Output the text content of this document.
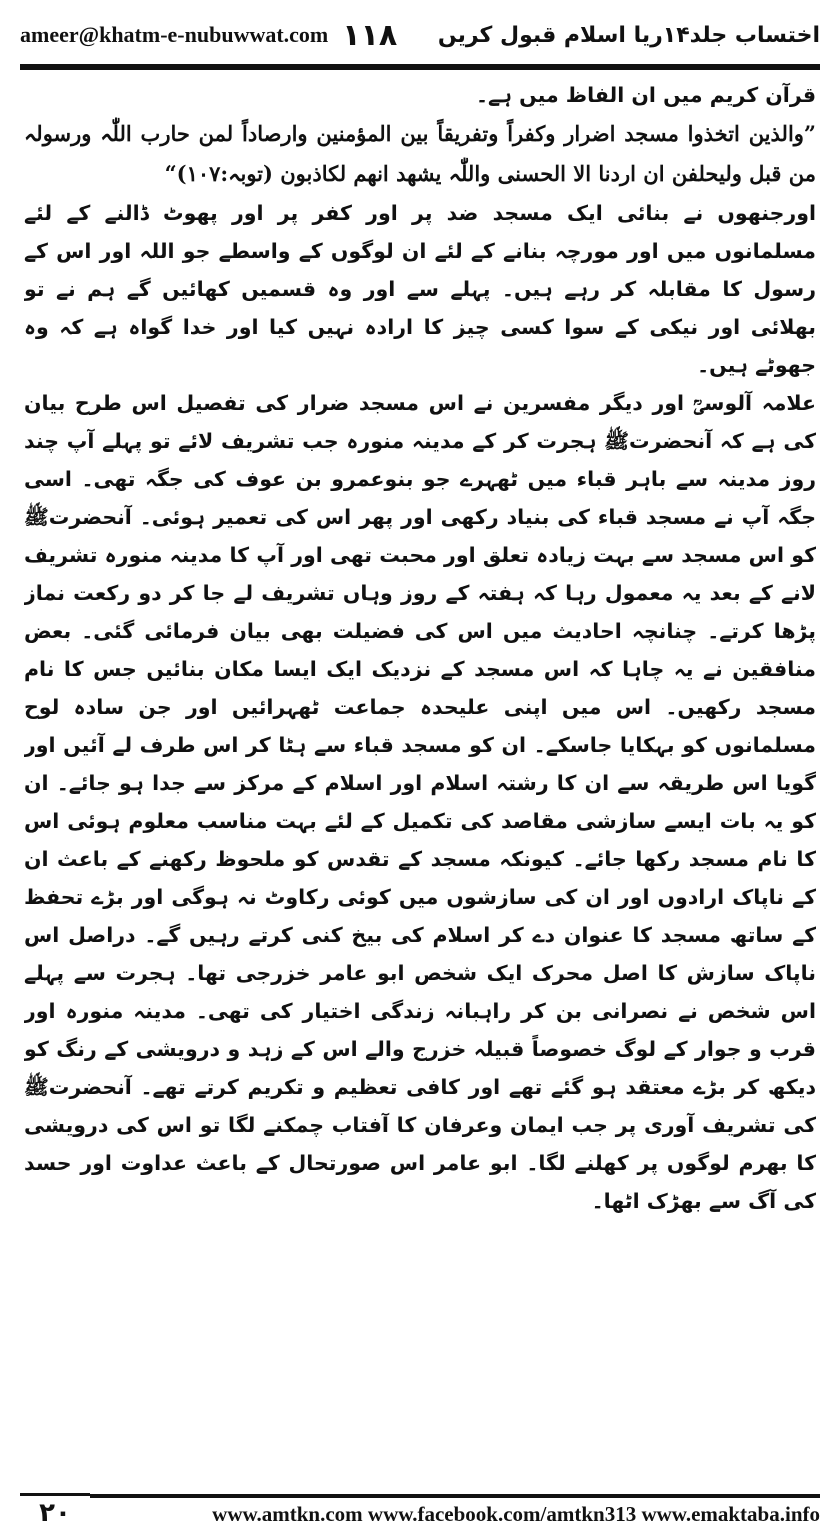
ameer@khatm-e-nubuwwat.com ۱۱۸ اختساب جلد۱۴ریا اسلام قبول کریں

قرآن کریم میں ان الفاظ میں ہے۔

”والذین اتخذوا مسجد اضرار وکفراً وتفریقاً بین المؤمنین وارصاداً لمن حارب اللّٰہ ورسولہ من قبل ولیحلفن ان اردنا الا الحسنی واللّٰہ یشھد انھم لکاذبون (توبہ:۱۰۷)“

اورجنھوں نے بنائی ایک مسجد ضد پر اور کفر پر اور پھوٹ ڈالنے کے لئے مسلمانوں میں اور مورچہ بنانے کے لئے ان لوگوں کے واسطے جو اللہ اور اس کے رسول کا مقابلہ کر رہے ہیں۔ پہلے سے اور وہ قسمیں کھائیں گے ہم نے تو بھلائی اور نیکی کے سوا کسی چیز کا ارادہ نہیں کیا اور خدا گواہ ہے کہ وہ جھوٹے ہیں۔

علامہ آلوسیؒ اور دیگر مفسرین نے اس مسجد ضرار کی تفصیل اس طرح بیان کی ہے کہ آنحضرتﷺ ہجرت کر کے مدینہ منورہ جب تشریف لائے تو پہلے آپ چند روز مدینہ سے باہر قباء میں ٹھہرے جو بنوعمرو بن عوف کی جگہ تھی۔ اسی جگہ آپ نے مسجد قباء کی بنیاد رکھی اور پھر اس کی تعمیر ہوئی۔ آنحضرتﷺ کو اس مسجد سے بہت زیادہ تعلق اور محبت تھی اور آپ کا مدینہ منورہ تشریف لانے کے بعد یہ معمول رہا کہ ہفتہ کے روز وہاں تشریف لے جا کر دو رکعت نماز پڑھا کرتے۔ چنانچہ احادیث میں اس کی فضیلت بھی بیان فرمائی گئی۔ بعض منافقین نے یہ چاہا کہ اس مسجد کے نزدیک ایک ایسا مکان بنائیں جس کا نام مسجد رکھیں۔ اس میں اپنی علیحدہ جماعت ٹھہرائیں اور جن سادہ لوح مسلمانوں کو بہکایا جاسکے۔ ان کو مسجد قباء سے ہٹا کر اس طرف لے آئیں اور گویا اس طریقہ سے ان کا رشتہ اسلام اور اسلام کے مرکز سے جدا ہو جائے۔ ان کو یہ بات ایسے سازشی مقاصد کی تکمیل کے لئے بہت مناسب معلوم ہوئی اس کا نام مسجد رکھا جائے۔ کیونکہ مسجد کے تقدس کو ملحوظ رکھنے کے باعث ان کے ناپاک ارادوں اور ان کی سازشوں میں کوئی رکاوٹ نہ ہوگی اور بڑے تحفظ کے ساتھ مسجد کا عنوان دے کر اسلام کی بیخ کنی کرتے رہیں گے۔ دراصل اس ناپاک سازش کا اصل محرک ایک شخص ابو عامر خزرجی تھا۔ ہجرت سے پہلے اس شخص نے نصرانی بن کر راہبانہ زندگی اختیار کی تھی۔ مدینہ منورہ اور قرب و جوار کے لوگ خصوصاً قبیلہ خزرج والے اس کے زہد و درویشی کے رنگ کو دیکھ کر بڑے معتقد ہو گئے تھے اور کافی تعظیم و تکریم کرتے تھے۔ آنحضرتﷺ کی تشریف آوری پر جب ایمان وعرفان کا آفتاب چمکنے لگا تو اس کی درویشی کا بھرم لوگوں پر کھلنے لگا۔ ابو عامر اس صورتحال کے باعث عداوت اور حسد کی آگ سے بھڑک اٹھا۔

۲۰	www.amtkn.com www.facebook.com/amtkn313 www.emaktaba.info
